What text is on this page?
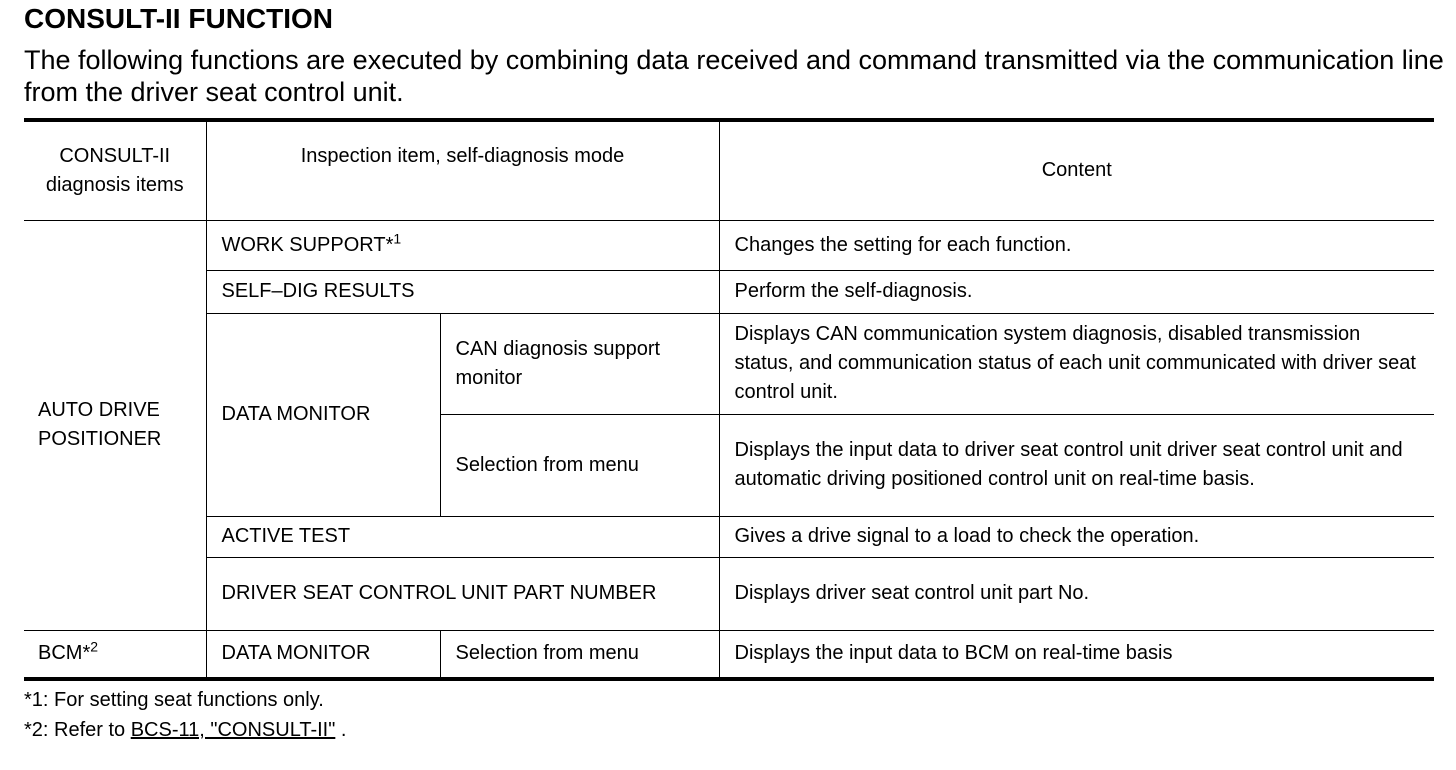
CONSULT-II FUNCTION
The following functions are executed by combining data received and command transmitted via the communication line from the driver seat control unit.
CONSULT-II diagnosis items	Inspection item, self-diagnosis mode		Content
AUTO DRIVE POSITIONER	WORK SUPPORT*$^1$		Changes the setting for each function.
	SELF–DIG RESULTS		Perform the self-diagnosis.
	DATA MONITOR	CAN diagnosis support monitor	Displays CAN communication system diagnosis, disabled transmission status, and communication status of each unit communicated with driver seat control unit.
		Selection from menu	Displays the input data to driver seat control unit driver seat control unit and automatic driving positioned control unit on real-time basis.
	ACTIVE TEST		Gives a drive signal to a load to check the operation.
	DRIVER SEAT CONTROL UNIT PART NUMBER		Displays driver seat control unit part No.
BCM*$^2$	DATA MONITOR	Selection from menu	Displays the input data to BCM on real-time basis
*1: For setting seat functions only.
*2: Refer to BCS-11, "CONSULT-II" .
